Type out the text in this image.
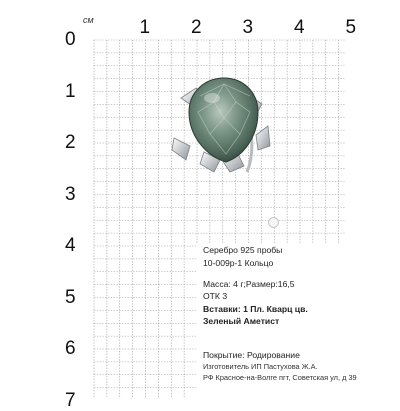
см 1 2 3 4 5
0
1
2
3
4
5
6
7
Серебро 925 пробы
10-009р-1 Кольцо
Масса: 4 г;Размер:16,5
ОТК 3
Вставки: 1 Пл. Кварц цв.
Зеленый Аметист
Покрытие: Родирование
Изготовитель ИП Пастухова Ж.А.
РФ Красное-на-Волге пгт, Советская ул, д 39
